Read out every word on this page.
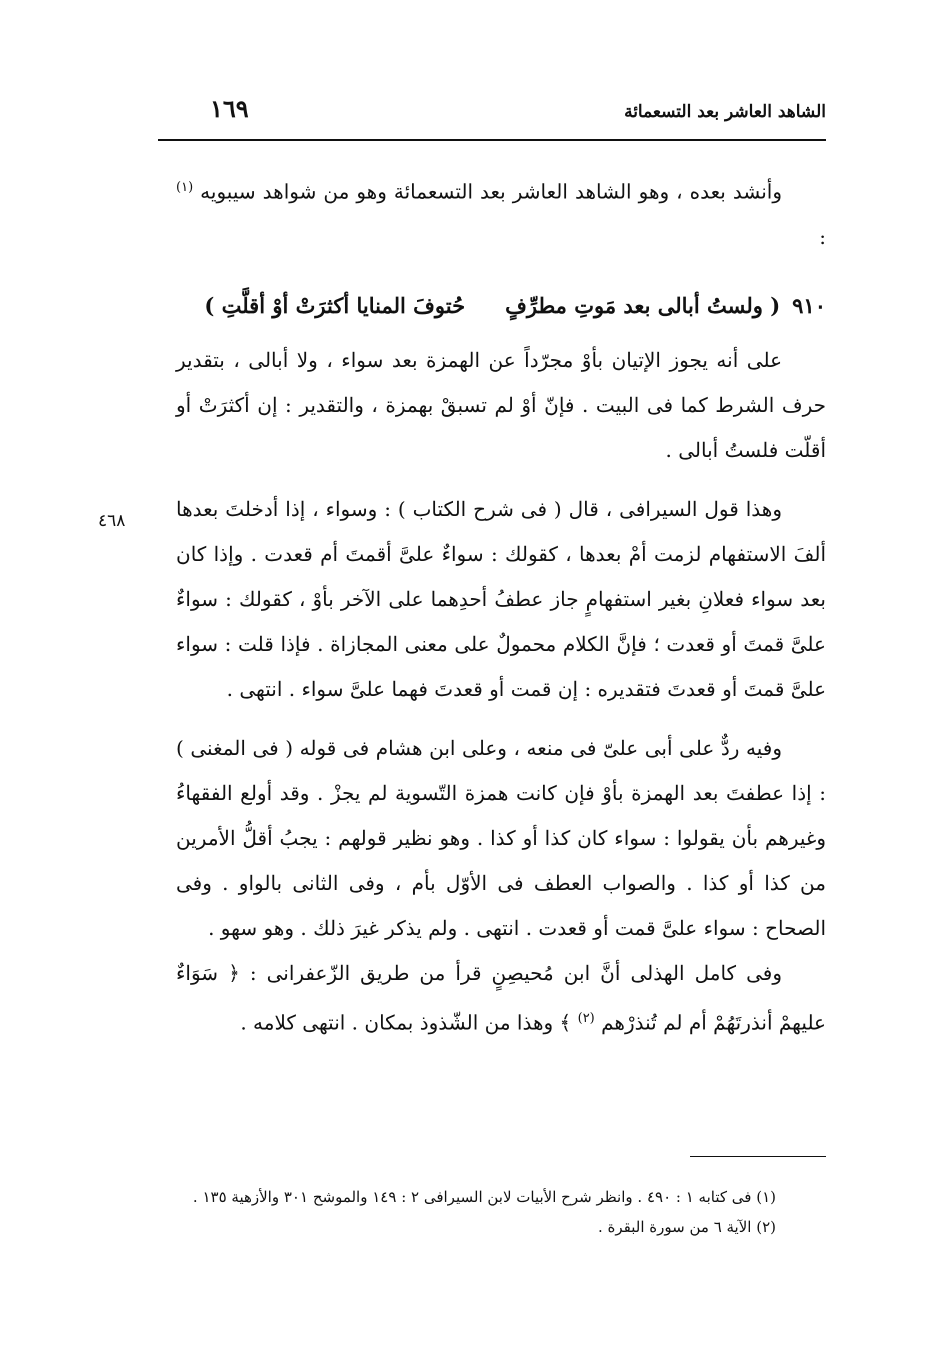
الشاهد العاشر بعد التسعمائة
١٦٩
٤٦٨

وأنشد بعده ، وهو الشاهد العاشر بعد التسعمائة وهو من شواهد سيبويه $^{(١)}$ :

٩١٠( ولستُ أبالى بعد مَوتِ مطرِّفٍحُتوفَ المنايا أكثرَتْ أوْ أقلَّتِ )

على أنه يجوز الإتيان بأوْ مجرّداً عن الهمزة بعد سواء ، ولا أبالى ، بتقدير حرف الشرط كما فى البيت . فإنّ أوْ لم تسبقْ بهمزة ، والتقدير : إن أكثرَتْ أو أقلّت فلستُ أبالى .

وهذا قول السيرافى ، قال ( فى شرح الكتاب ) : وسواء ، إذا أدخلتَ بعدها ألفَ الاستفهام لزمت أمْ بعدها ، كقولك : سواءٌ علىَّ أقمتَ أم قعدت . وإذا كان بعد سواء فعلانِ بغير استفهامٍ جاز عطفُ أحدِهما على الآخر بأوْ ، كقولك : سواءٌ علىَّ قمتَ أو قعدت ؛ فإنَّ الكلام محمولٌ على معنى المجازاة . فإذا قلت : سواء علىَّ قمتَ أو قعدتَ فتقديره : إن قمت أو قعدتَ فهما علىَّ سواء . انتهى .

وفيه ردٌّ على أبى علىّ فى منعه ، وعلى ابن هشام فى قوله ( فى المغنى ) : إذا عطفتَ بعد الهمزة بأوْ فإن كانت همزة التّسوية لم يجزْ . وقد أولع الفقهاءُ وغيرهم بأن يقولوا : سواء كان كذا أو كذا . وهو نظير قولهم : يجبُ أقلُّ الأمرين من كذا أو كذا . والصواب العطف فى الأوّل بأم ، وفى الثانى بالواو . وفى الصحاح : سواء علىَّ قمت أو قعدت . انتهى . ولم يذكر غيرَ ذلك . وهو سهو .

وفى كامل الهذلى أنَّ ابن مُحيصِنٍ قرأ من طريق الزّعفرانى : ﴿ سَوَاءٌ عليهمْ أنذرتَهُمْ أم لم تُنذرْهم $^{(٢)}$ ﴾ وهذا من الشّذوذ بمكان . انتهى كلامه .

(١) فى كتابه ١ : ٤٩٠ . وانظر شرح الأبيات لابن السيرافى ٢ : ١٤٩ والموشح ٣٠١ والأزهية ١٣٥ .

(٢) الآية ٦ من سورة البقرة .
